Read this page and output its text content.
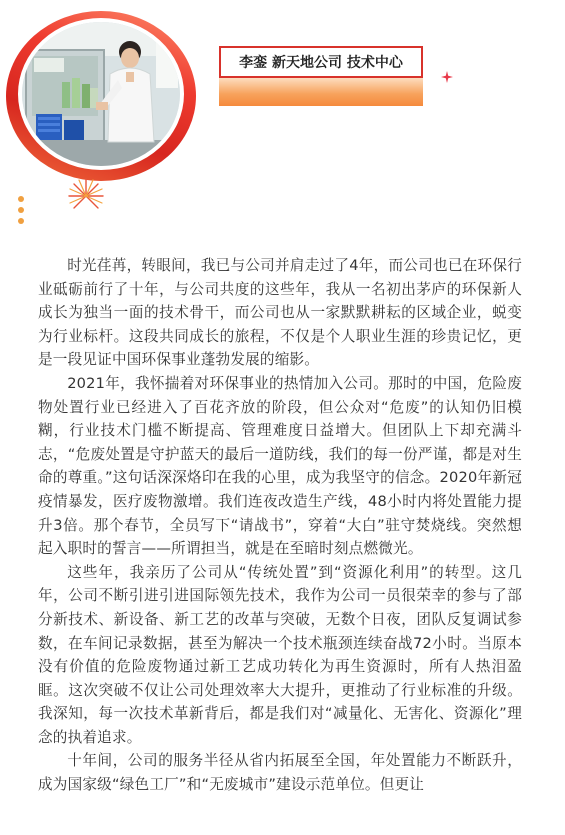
李銮 新天地公司 技术中心

时光荏苒，转眼间，我已与公司并肩走过了4年，而公司也已在环保行业砥砺前行了十年，与公司共度的这些年，我从一名初出茅庐的环保新人成长为独当一面的技术骨干，而公司也从一家默默耕耘的区域企业，蜕变为行业标杆。这段共同成长的旅程，不仅是个人职业生涯的珍贵记忆，更是一段见证中国环保事业蓬勃发展的缩影。

2021年，我怀揣着对环保事业的热情加入公司。那时的中国，危险废物处置行业已经进入了百花齐放的阶段，但公众对“危废”的认知仍旧模糊，行业技术门槛不断提高、管理难度日益增大。但团队上下却充满斗志，“危废处置是守护蓝天的最后一道防线，我们的每一份严谨，都是对生命的尊重。”这句话深深烙印在我的心里，成为我坚守的信念。2020年新冠疫情暴发，医疗废物激增。我们连夜改造生产线，48小时内将处置能力提升3倍。那个春节，全员写下“请战书”，穿着“大白”驻守焚烧线。突然想起入职时的誓言——所谓担当，就是在至暗时刻点燃微光。

这些年，我亲历了公司从“传统处置”到“资源化利用”的转型。这几年，公司不断引进引进国际领先技术，我作为公司一员很荣幸的参与了部分新技术、新设备、新工艺的改革与突破，无数个日夜，团队反复调试参数，在车间记录数据，甚至为解决一个技术瓶颈连续奋战72小时。当原本没有价值的危险废物通过新工艺成功转化为再生资源时，所有人热泪盈眶。这次突破不仅让公司处理效率大大提升，更推动了行业标准的升级。我深知，每一次技术革新背后，都是我们对“减量化、无害化、资源化”理念的执着追求。

十年间，公司的服务半径从省内拓展至全国，年处置能力不断跃升，成为国家级“绿色工厂”和“无废城市”建设示范单位。但更让
